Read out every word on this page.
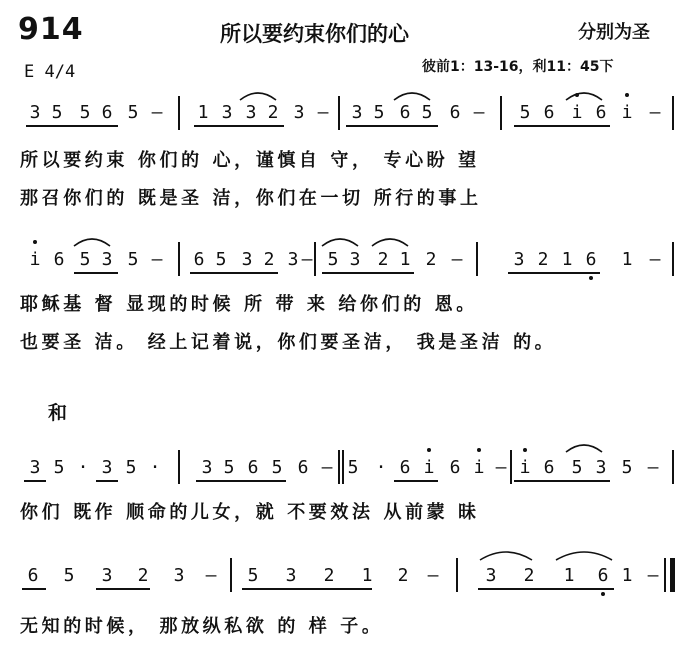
914	所以要约束你们的心	分别为圣
E 4/4	彼前1：13-16，利11：45下
3 5 5 6 5 – 1 3 3 2 3 – 3 5 6 5 6 – 5 6 i 6 i –
所以要约束 你们的 心，谨慎自 守， 专心盼 望
那召你们的 既是圣 洁，你们在一切 所行的事上
i 6 5 3 5 – 6 5 3 2 3 – 5 3 2 1 2 –	3 2 1 6 1 –
耶稣基 督 显现的时候 所 带 来 给你们的 恩。
也要圣 洁。 经上记着说，你们要圣洁， 我是圣洁 的。
和
3 5 · 3 5 · 3 5 6 5 6 – 5 · 6 i 6 i – i 6 5 3 5 –
你们 既作 顺命的儿女，就 不要效法 从前蒙 昧
6 5 3 2 3 – 5 3 2 1 2 –	3 2 1 6 1 –
无知的时候， 那放纵私欲 的 样 子。
